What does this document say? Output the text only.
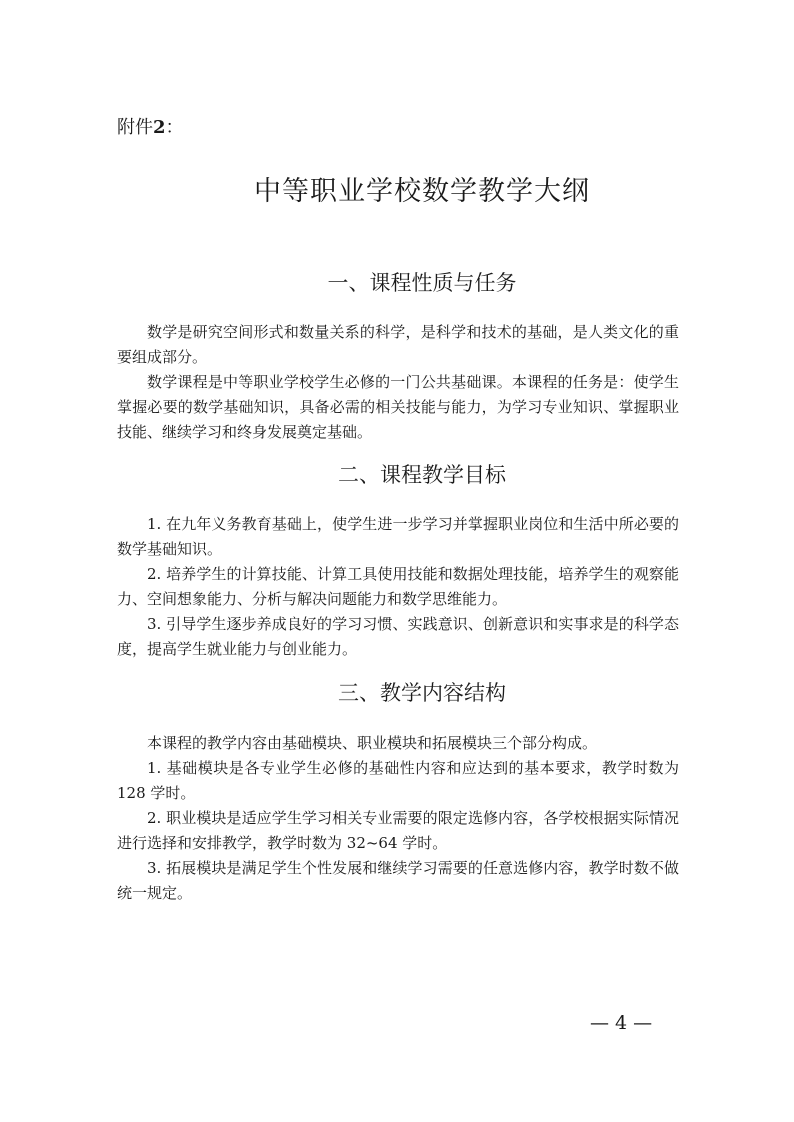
附件2：
中等职业学校数学教学大纲
一、课程性质与任务

数学是研究空间形式和数量关系的科学，是科学和技术的基础，是人类文化的重要组成部分。

数学课程是中等职业学校学生必修的一门公共基础课。本课程的任务是：使学生掌握必要的数学基础知识，具备必需的相关技能与能力，为学习专业知识、掌握职业技能、继续学习和终身发展奠定基础。

二、课程教学目标

1. 在九年义务教育基础上，使学生进一步学习并掌握职业岗位和生活中所必要的数学基础知识。

2. 培养学生的计算技能、计算工具使用技能和数据处理技能，培养学生的观察能力、空间想象能力、分析与解决问题能力和数学思维能力。

3. 引导学生逐步养成良好的学习习惯、实践意识、创新意识和实事求是的科学态度，提高学生就业能力与创业能力。

三、教学内容结构

本课程的教学内容由基础模块、职业模块和拓展模块三个部分构成。

1. 基础模块是各专业学生必修的基础性内容和应达到的基本要求，教学时数为 128 学时。

2. 职业模块是适应学生学习相关专业需要的限定选修内容，各学校根据实际情况进行选择和安排教学，教学时数为 32~64 学时。

3. 拓展模块是满足学生个性发展和继续学习需要的任意选修内容，教学时数不做统一规定。

— 4 —
